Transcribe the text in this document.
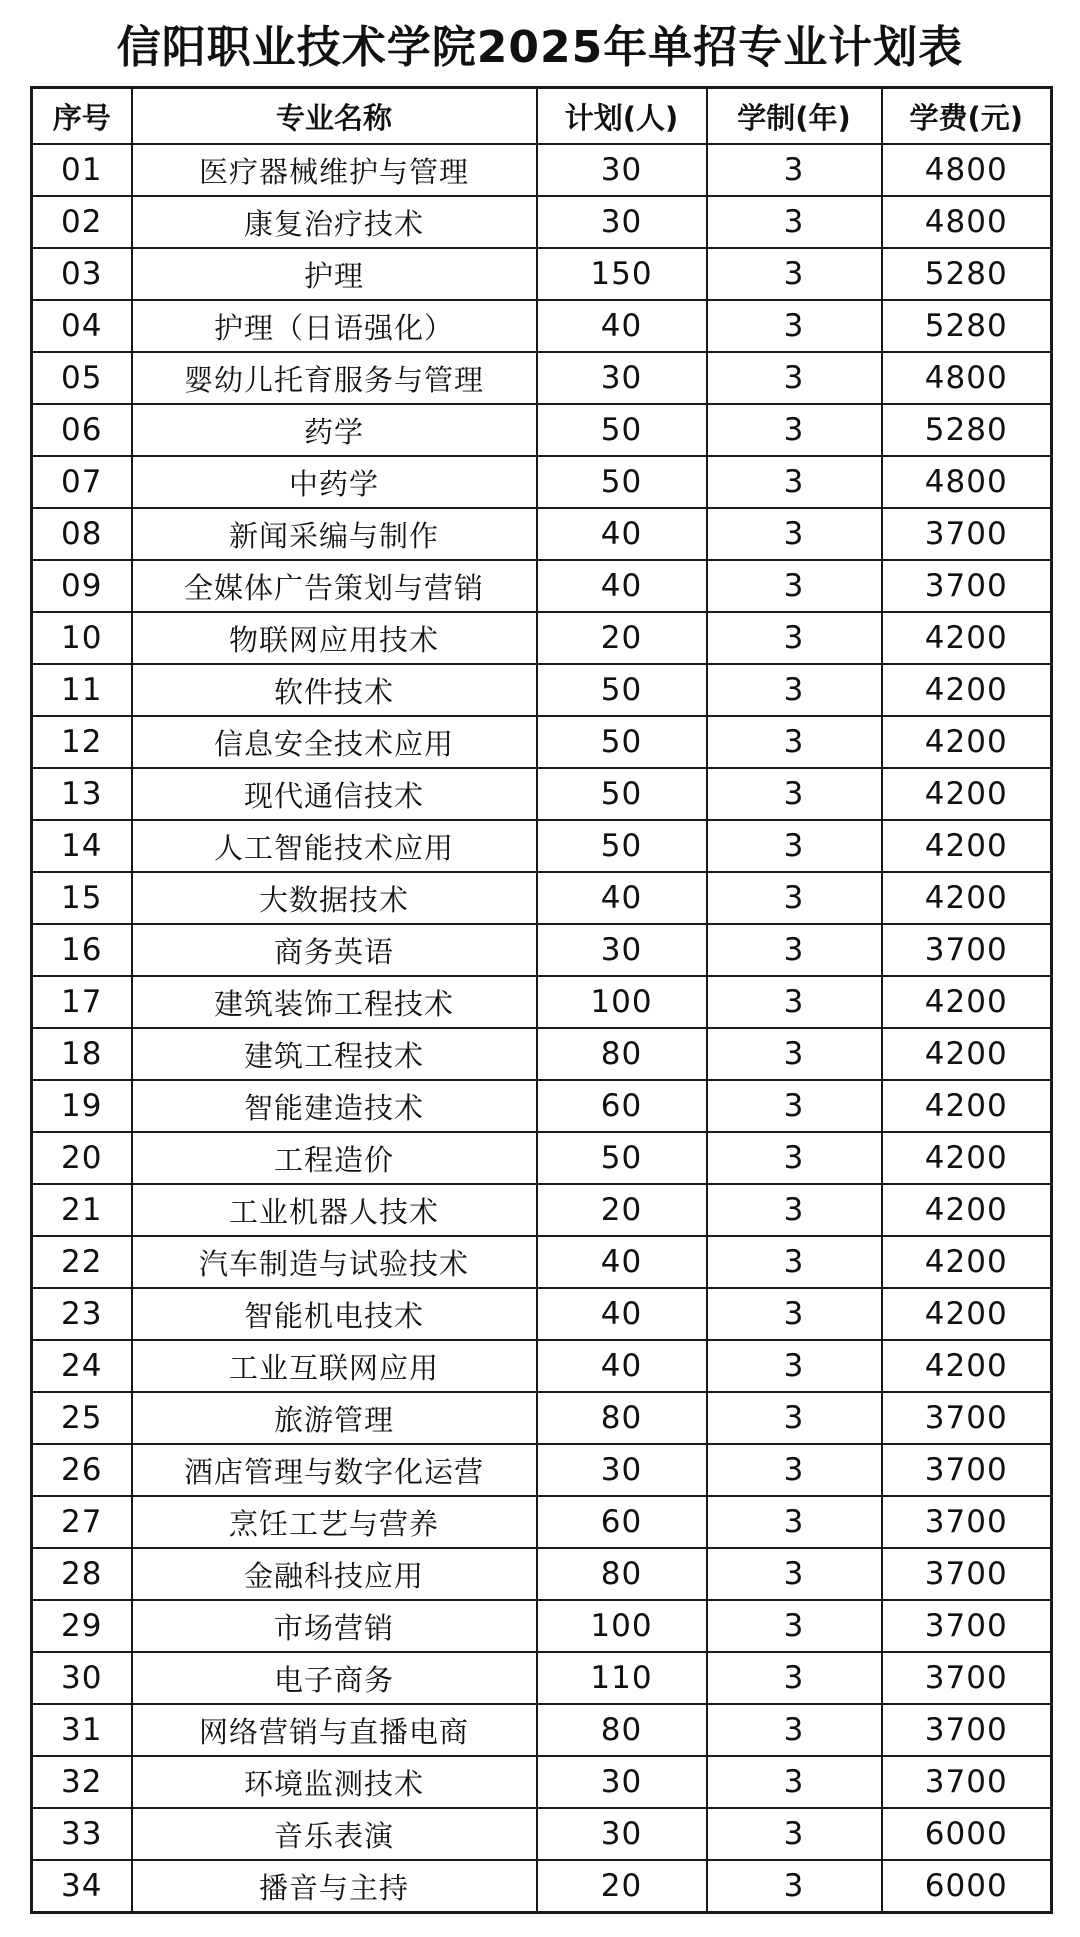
信阳职业技术学院2025年单招专业计划表
序号	专业名称	计划(人)	学制(年)	学费(元)
01	医疗器械维护与管理	30	3	4800
02	康复治疗技术	30	3	4800
03	护理	150	3	5280
04	护理（日语强化）	40	3	5280
05	婴幼儿托育服务与管理	30	3	4800
06	药学	50	3	5280
07	中药学	50	3	4800
08	新闻采编与制作	40	3	3700
09	全媒体广告策划与营销	40	3	3700
10	物联网应用技术	20	3	4200
11	软件技术	50	3	4200
12	信息安全技术应用	50	3	4200
13	现代通信技术	50	3	4200
14	人工智能技术应用	50	3	4200
15	大数据技术	40	3	4200
16	商务英语	30	3	3700
17	建筑装饰工程技术	100	3	4200
18	建筑工程技术	80	3	4200
19	智能建造技术	60	3	4200
20	工程造价	50	3	4200
21	工业机器人技术	20	3	4200
22	汽车制造与试验技术	40	3	4200
23	智能机电技术	40	3	4200
24	工业互联网应用	40	3	4200
25	旅游管理	80	3	3700
26	酒店管理与数字化运营	30	3	3700
27	烹饪工艺与营养	60	3	3700
28	金融科技应用	80	3	3700
29	市场营销	100	3	3700
30	电子商务	110	3	3700
31	网络营销与直播电商	80	3	3700
32	环境监测技术	30	3	3700
33	音乐表演	30	3	6000
34	播音与主持	20	3	6000
